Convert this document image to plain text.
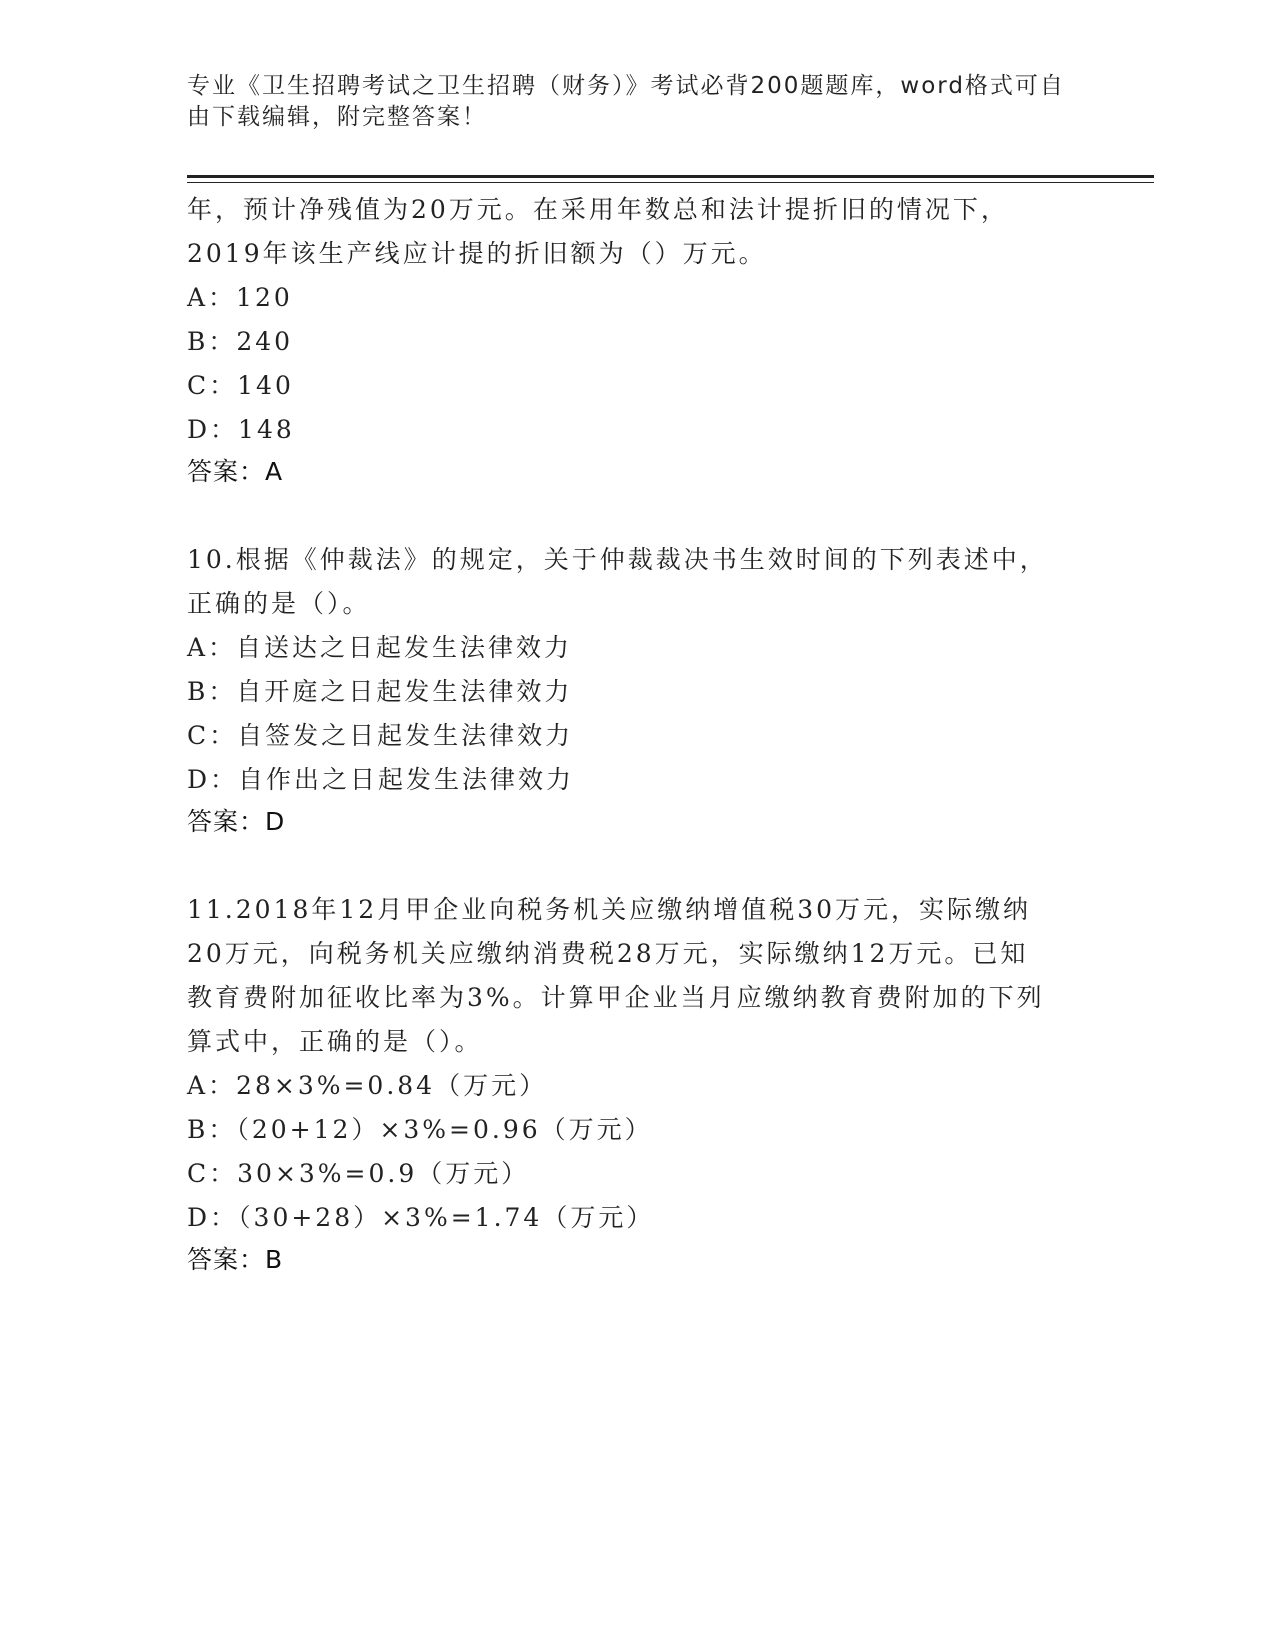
专业《卫生招聘考试之卫生招聘（财务）》考试必背200题题库，word格式可自
由下载编辑，附完整答案！
年，预计净残值为20万元。在采用年数总和法计提折旧的情况下，
2019年该生产线应计提的折旧额为（）万元。
A：120
B：240
C：140
D：148
答案：A
10.根据《仲裁法》的规定，关于仲裁裁决书生效时间的下列表述中，
正确的是（）。
A：自送达之日起发生法律效力
B：自开庭之日起发生法律效力
C：自签发之日起发生法律效力
D：自作出之日起发生法律效力
答案：D
11.2018年12月甲企业向税务机关应缴纳增值税30万元，实际缴纳
20万元，向税务机关应缴纳消费税28万元，实际缴纳12万元。已知
教育费附加征收比率为3%。计算甲企业当月应缴纳教育费附加的下列
算式中，正确的是（）。
A：28×3%=0.84（万元）
B：（20+12）×3%=0.96（万元）
C：30×3%=0.9（万元）
D：（30+28）×3%=1.74（万元）
答案：B
